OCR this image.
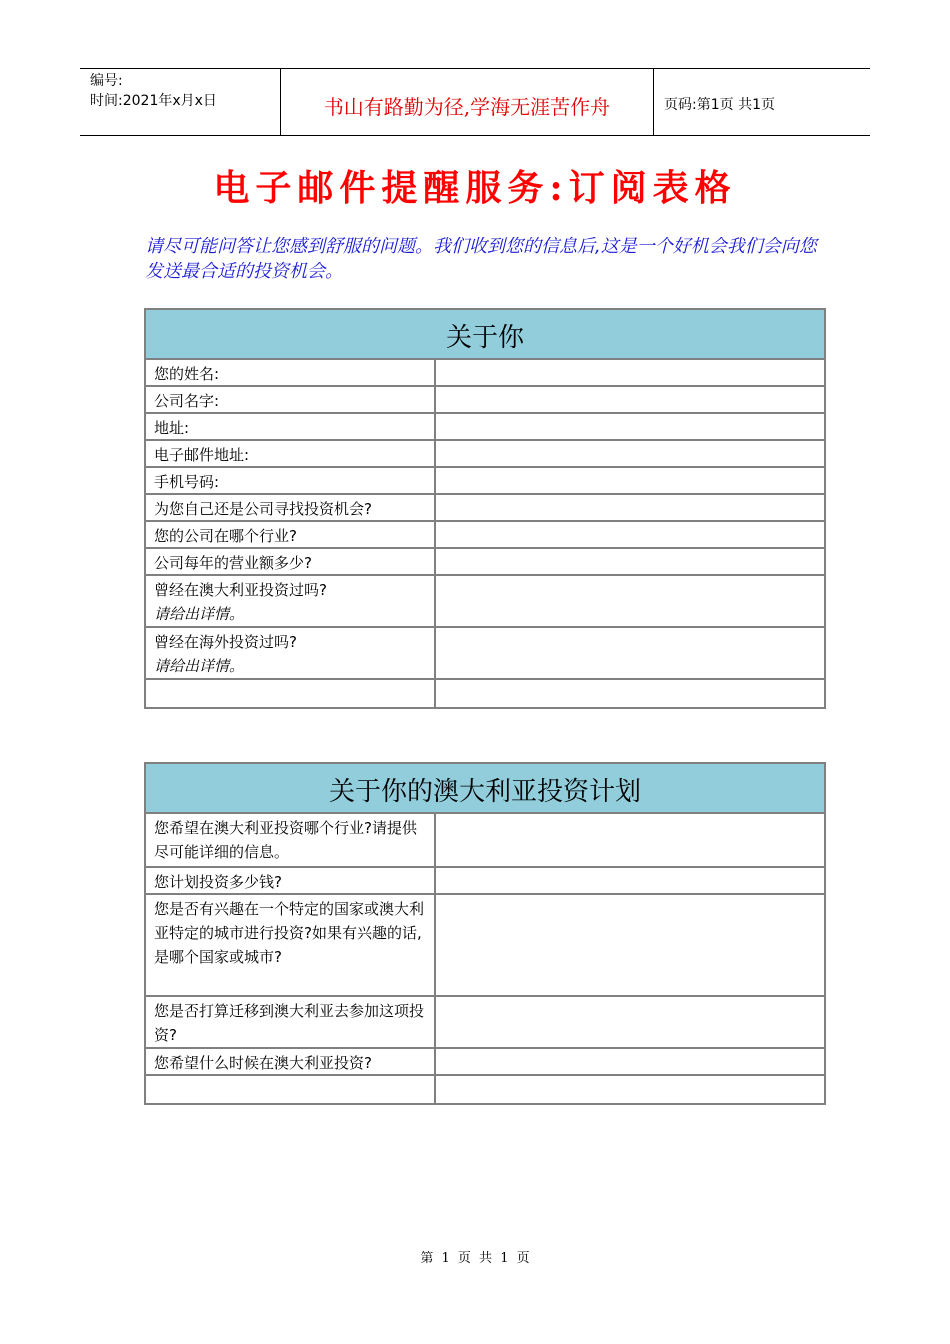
编号:
时间:2021年x月x日	书山有路勤为径,学海无涯苦作舟	页码:第1页 共1页
电子邮件提醒服务:订阅表格
请尽可能问答让您感到舒服的问题。我们收到您的信息后,这是一个好机会我们会向您发送最合适的投资机会。
关于你
您的姓名:
公司名字:
地址:
电子邮件地址:
手机号码:
为您自己还是公司寻找投资机会?
您的公司在哪个行业?
公司每年的营业额多少?
曾经在澳大利亚投资过吗?
请给出详情。
曾经在海外投资过吗?
请给出详情。
关于你的澳大利亚投资计划
您希望在澳大利亚投资哪个行业?请提供尽可能详细的信息。
您计划投资多少钱?
您是否有兴趣在一个特定的国家或澳大利亚特定的城市进行投资?如果有兴趣的话,是哪个国家或城市?
您是否打算迁移到澳大利亚去参加这项投资?
您希望什么时候在澳大利亚投资?
第 1 页 共 1 页
